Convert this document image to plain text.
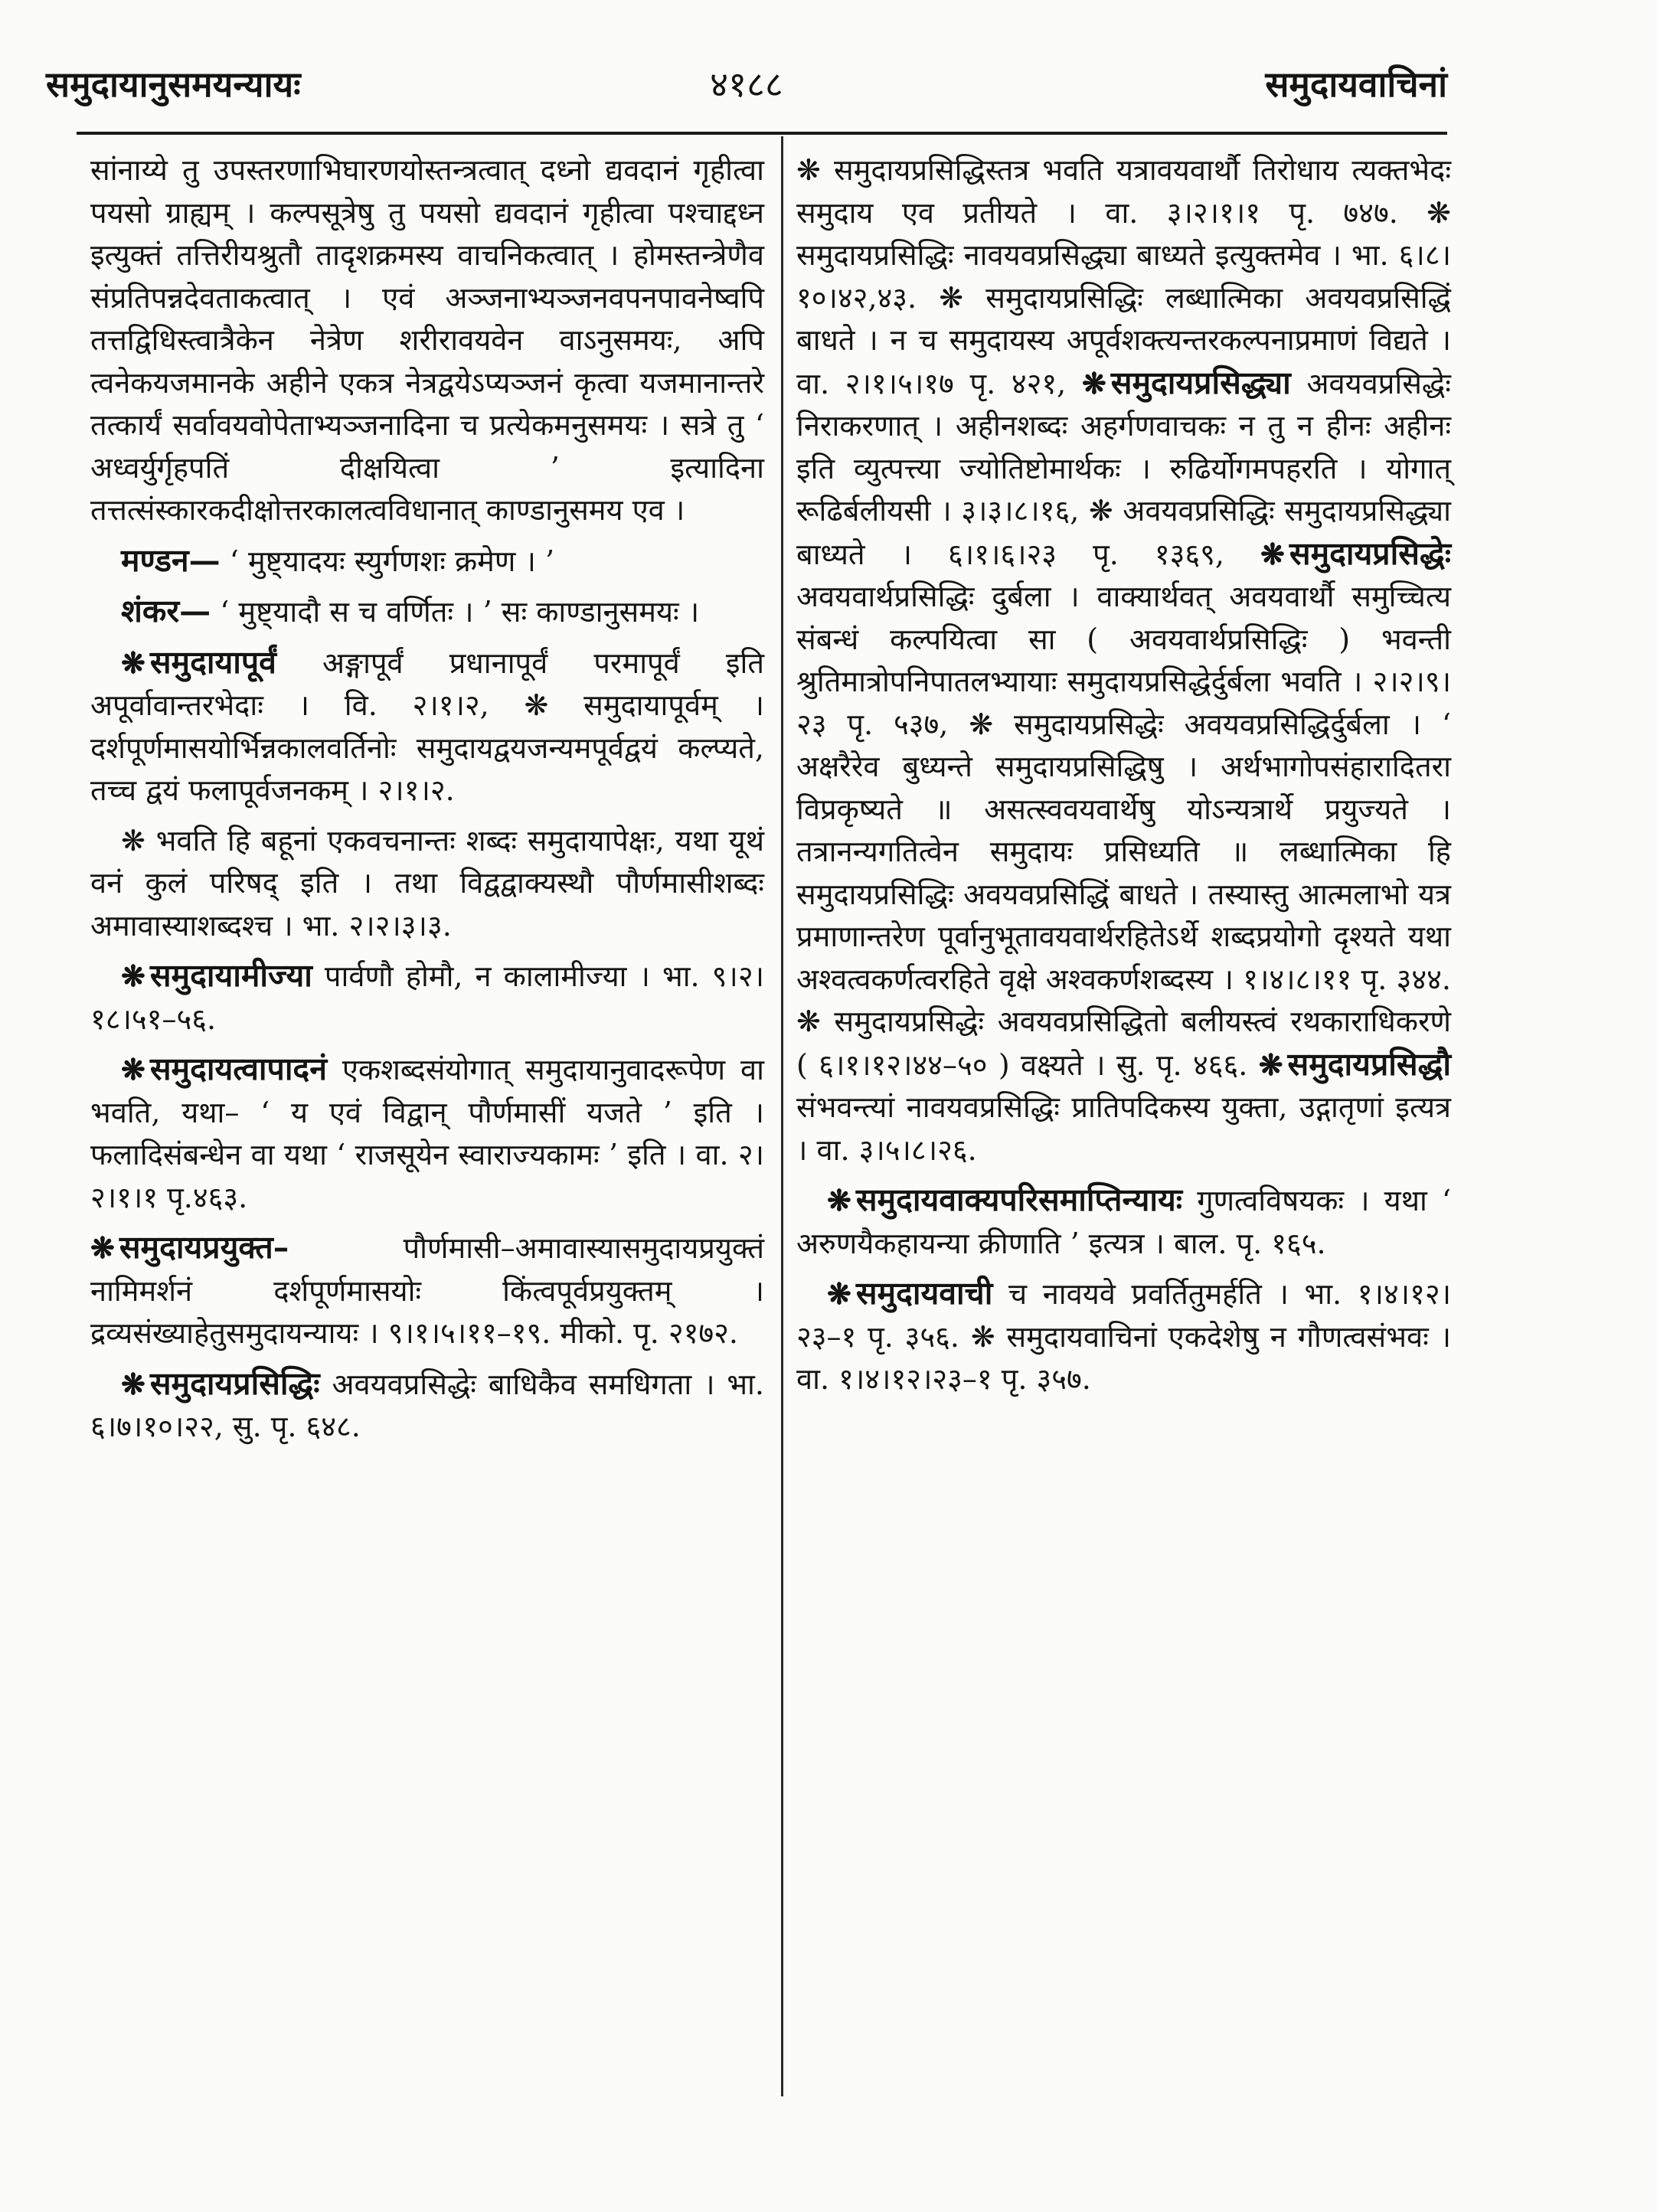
४१८८
समुदायानुसमयन्यायः	समुदायवाचिनां

सांनाय्ये तु उपस्तरणाभिघारणयोस्तन्त्रत्वात् दध्नो द्यवदानं गृहीत्वा पयसो ग्राह्यम् । कल्पसूत्रेषु तु पयसो द्यवदानं गृहीत्वा पश्चाद्दध्न इत्युक्तं तत्तिरीयश्रुतौ तादृशक्रमस्य वाचनिकत्वात् । होमस्तन्त्रेणैव संप्रतिपन्नदेवताकत्वात् । एवं अञ्जनाभ्यञ्जनवपनपावनेष्वपि तत्तद्विधिस्त्वात्रैकेन नेत्रेण शरीरावयवेन वाऽनुसमयः, अपि त्वनेकयजमानके अहीने एकत्र नेत्रद्वयेऽप्यञ्जनं कृत्वा यजमानान्तरे तत्कार्यं सर्वावयवोपेताभ्यञ्जनादिना च प्रत्येकमनुसमयः । सत्रे तु ‘ अध्वर्युर्गृहपतिं दीक्षयित्वा ’ इत्यादिना तत्तत्संस्कारकदीक्षोत्तरकालत्वविधानात् काण्डानुसमय एव ।

मण्डन— ‘ मुष्ट्यादयः स्युर्गणशः क्रमेण । ’

शंकर— ‘ मुष्ट्यादौ स च वर्णितः । ’ सः काण्डानुसमयः ।

❋ समुदायापूर्वं अङ्गापूर्वं प्रधानापूर्वं परमापूर्वं इति अपूर्वावान्तरभेदाः । वि. २।१।२, ❋ समुदायापूर्वम् । दर्शपूर्णमासयोर्भिन्नकालवर्तिनोः समुदायद्वयजन्यमपूर्वद्वयं कल्प्यते, तच्च द्वयं फलापूर्वजनकम् । २।१।२.

❋ भवति हि बहूनां एकवचनान्तः शब्दः समुदायापेक्षः, यथा यूथं वनं कुलं परिषद् इति । तथा विद्वद्वाक्यस्थौ पौर्णमासीशब्दः अमावास्याशब्दश्च । भा. २।२।३।३.

❋ समुदायामीज्या पार्वणौ होमौ, न कालामीज्या । भा. ९।२।१८।५१–५६.

❋ समुदायत्वापादनं एकशब्दसंयोगात् समुदायानुवादरूपेण वा भवति, यथा– ‘ य एवं विद्वान् पौर्णमासीं यजते ’ इति । फलादिसंबन्धेन वा यथा ‘ राजसूयेन स्वाराज्यकामः ’ इति । वा. २।२।१।१ पृ.४६३.

❋ समुदायप्रयुक्त–	पौर्णमासी–अमावास्यासमुदायप्रयुक्तं नामिमर्शनं दर्शपूर्णमासयोः किंत्वपूर्वप्रयुक्तम् । द्रव्यसंख्याहेतुसमुदायन्यायः । ९।१।५।११–१९. मीको. पृ. २१७२.

❋ समुदायप्रसिद्धिः अवयवप्रसिद्धेः बाधिकैव समधिगता । भा. ६।७।१०।२२, सु. पृ. ६४८.

❋ समुदायप्रसिद्धिस्तत्र भवति यत्रावयवार्थौ तिरोधाय त्यक्तभेदः समुदाय एव प्रतीयते । वा. ३।२।१।१ पृ. ७४७. ❋ समुदायप्रसिद्धिः नावयवप्रसिद्ध्या बाध्यते इत्युक्तमेव । भा. ६।८।१०।४२,४३. ❋ समुदायप्रसिद्धिः लब्धात्मिका अवयवप्रसिद्धिं बाधते । न च समुदायस्य अपूर्वशक्त्यन्तरकल्पनाप्रमाणं विद्यते । वा. २।१।५।१७ पृ. ४२१, ❋ समुदायप्रसिद्ध्या अवयवप्रसिद्धेः निराकरणात् । अहीनशब्दः अहर्गणवाचकः न तु न हीनः अहीनः इति व्युत्पत्त्या ज्योतिष्टोमार्थकः । रुढिर्योगमपहरति । योगात् रूढिर्बलीयसी । ३।३।८।१६, ❋ अवयवप्रसिद्धिः समुदायप्रसिद्ध्या बाध्यते । ६।१।६।२३ पृ. १३६९, ❋ समुदायप्रसिद्धेः अवयवार्थप्रसिद्धिः दुर्बला । वाक्यार्थवत् अवयवार्थौ समुच्चित्य संबन्धं कल्पयित्वा सा ( अवयवार्थप्रसिद्धिः ) भवन्ती श्रुतिमात्रोपनिपातलभ्यायाः समुदायप्रसिद्धेर्दुर्बला भवति । २।२।९।२३ पृ. ५३७, ❋ समुदायप्रसिद्धेः अवयवप्रसिद्धिर्दुर्बला । ‘ अक्षरैरेव बुध्यन्ते समुदायप्रसिद्धिषु । अर्थभागोपसंहारादितरा विप्रकृष्यते ॥ असत्स्ववयवार्थेषु योऽन्यत्रार्थे प्रयुज्यते । तत्रानन्यगतित्वेन समुदायः प्रसिध्यति ॥ लब्धात्मिका हि समुदायप्रसिद्धिः अवयवप्रसिद्धिं बाधते । तस्यास्तु आत्मलाभो यत्र प्रमाणान्तरेण पूर्वानुभूतावयवार्थरहितेऽर्थे शब्दप्रयोगो दृश्यते यथा अश्वत्वकर्णत्वरहिते वृक्षे अश्वकर्णशब्दस्य । १।४।८।११ पृ. ३४४. ❋ समुदायप्रसिद्धेः अवयवप्रसिद्धितो बलीयस्त्वं रथकाराधिकरणे ( ६।१।१२।४४–५० ) वक्ष्यते । सु. पृ. ४६६. ❋ समुदायप्रसिद्धौ संभवन्त्यां नावयवप्रसिद्धिः प्रातिपदिकस्य युक्ता, उद्गातृणां इत्यत्र । वा. ३।५।८।२६.

❋ समुदायवाक्यपरिसमाप्तिन्यायः गुणत्वविषयकः । यथा ‘ अरुणयैकहायन्या क्रीणाति ’ इत्यत्र । बाल. पृ. १६५.

❋ समुदायवाची च नावयवे प्रवर्तितुमर्हति । भा. १।४।१२।२३–१ पृ. ३५६. ❋ समुदायवाचिनां एकदेशेषु न गौणत्वसंभवः । वा. १।४।१२।२३–१ पृ. ३५७.
